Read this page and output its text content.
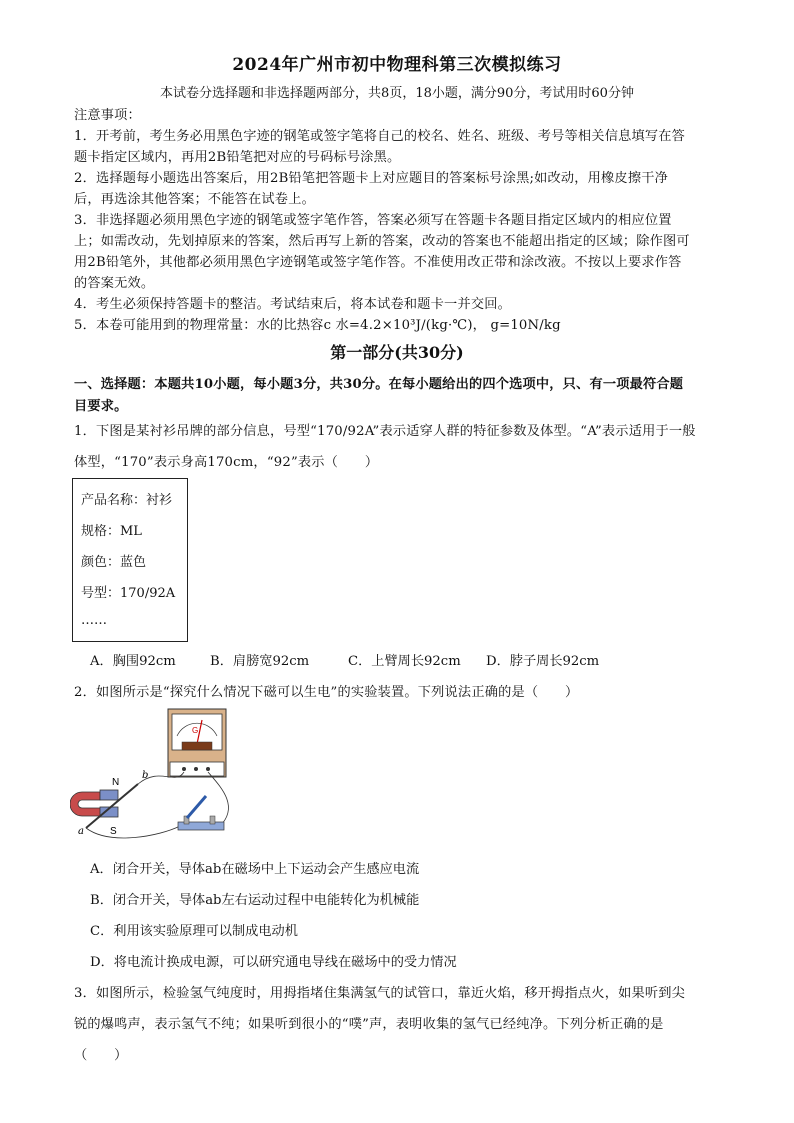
2024年广州市初中物理科第三次模拟练习
本试卷分选择题和非选择题两部分，共8页，18小题，满分90分，考试用时60分钟
注意事项：
1．开考前，考生务必用黑色字迹的钢笔或签字笔将自己的校名、姓名、班级、考号等相关信息填写在答
题卡指定区域内，再用2B铅笔把对应的号码标号涂黑。
2．选择题每小题选出答案后，用2B铅笔把答题卡上对应题目的答案标号涂黑;如改动，用橡皮擦干净
后，再选涂其他答案；不能答在试卷上。
3．非选择题必须用黑色字迹的钢笔或签字笔作答，答案必须写在答题卡各题目指定区域内的相应位置
上；如需改动，先划掉原来的答案，然后再写上新的答案，改动的答案也不能超出指定的区域；除作图可
用2B铅笔外，其他都必须用黑色字迹钢笔或签字笔作答。不准使用改正带和涂改液。不按以上要求作答
的答案无效。
4．考生必须保持答题卡的整洁。考试结束后，将本试卷和题卡一并交回。
5．本卷可能用到的物理常量：水的比热容c 水=4.2×10³J/(kg·℃)， g=10N/kg
第一部分(共30分)
一、选择题：本题共10小题，每小题3分，共30分。在每小题给出的四个选项中，只、有一项最符合题
目要求。
1．下图是某衬衫吊牌的部分信息，号型“170/92A”表示适穿人群的特征参数及体型。“A”表示适用于一般
体型，“170”表示身高170cm，“92”表示（　　）
产品名称：衬衫
规格：ML
颜色：蓝色
号型：170/92A
……
A．胸围92cm	B．肩膀宽92cm	C．上臂周长92cm D．脖子周长92cm
2．如图所示是“探究什么情况下磁可以生电”的实验装置。下列说法正确的是（　　）
G
N
S
a
b
A．闭合开关，导体ab在磁场中上下运动会产生感应电流
B．闭合开关，导体ab左右运动过程中电能转化为机械能
C．利用该实验原理可以制成电动机
D．将电流计换成电源，可以研究通电导线在磁场中的受力情况
3．如图所示，检验氢气纯度时，用拇指堵住集满氢气的试管口，靠近火焰，移开拇指点火，如果听到尖
锐的爆鸣声，表示氢气不纯；如果听到很小的“噗”声，表明收集的氢气已经纯净。下列分析正确的是
（　　）
